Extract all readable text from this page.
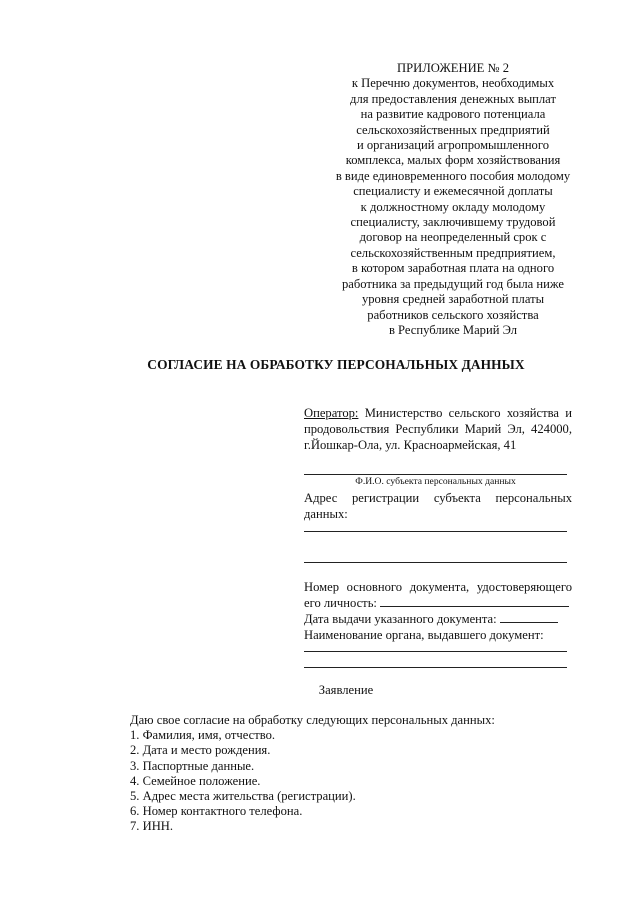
ПРИЛОЖЕНИЕ № 2
к Перечню документов, необходимых
для предоставления денежных выплат
на развитие кадрового потенциала
сельскохозяйственных предприятий
и организаций агропромышленного
комплекса, малых форм хозяйствования
в виде единовременного пособия молодому
специалисту и ежемесячной доплаты
к должностному окладу молодому
специалисту, заключившему трудовой
договор на неопределенный срок с
сельскохозяйственным предприятием,
в котором заработная плата на одного
работника за предыдущий год была ниже
уровня средней заработной платы
работников сельского хозяйства
в Республике Марий Эл
СОГЛАСИЕ НА ОБРАБОТКУ ПЕРСОНАЛЬНЫХ ДАННЫХ
Оператор: Министерство сельского хозяйства и продовольствия Республики Марий Эл, 424000, г.Йошкар-Ола, ул. Красноармейская, 41
Ф.И.О. субъекта персональных данных
Адрес регистрации субъекта персональных
данных:
Номер основного документа, удостоверяющего
его личность:
Дата выдачи указанного документа:
Наименование органа, выдавшего документ:
Заявление
Даю свое согласие на обработку следующих персональных данных:
1. Фамилия, имя, отчество.
2. Дата и место рождения.
3. Паспортные данные.
4. Семейное положение.
5. Адрес места жительства (регистрации).
6. Номер контактного телефона.
7. ИНН.
